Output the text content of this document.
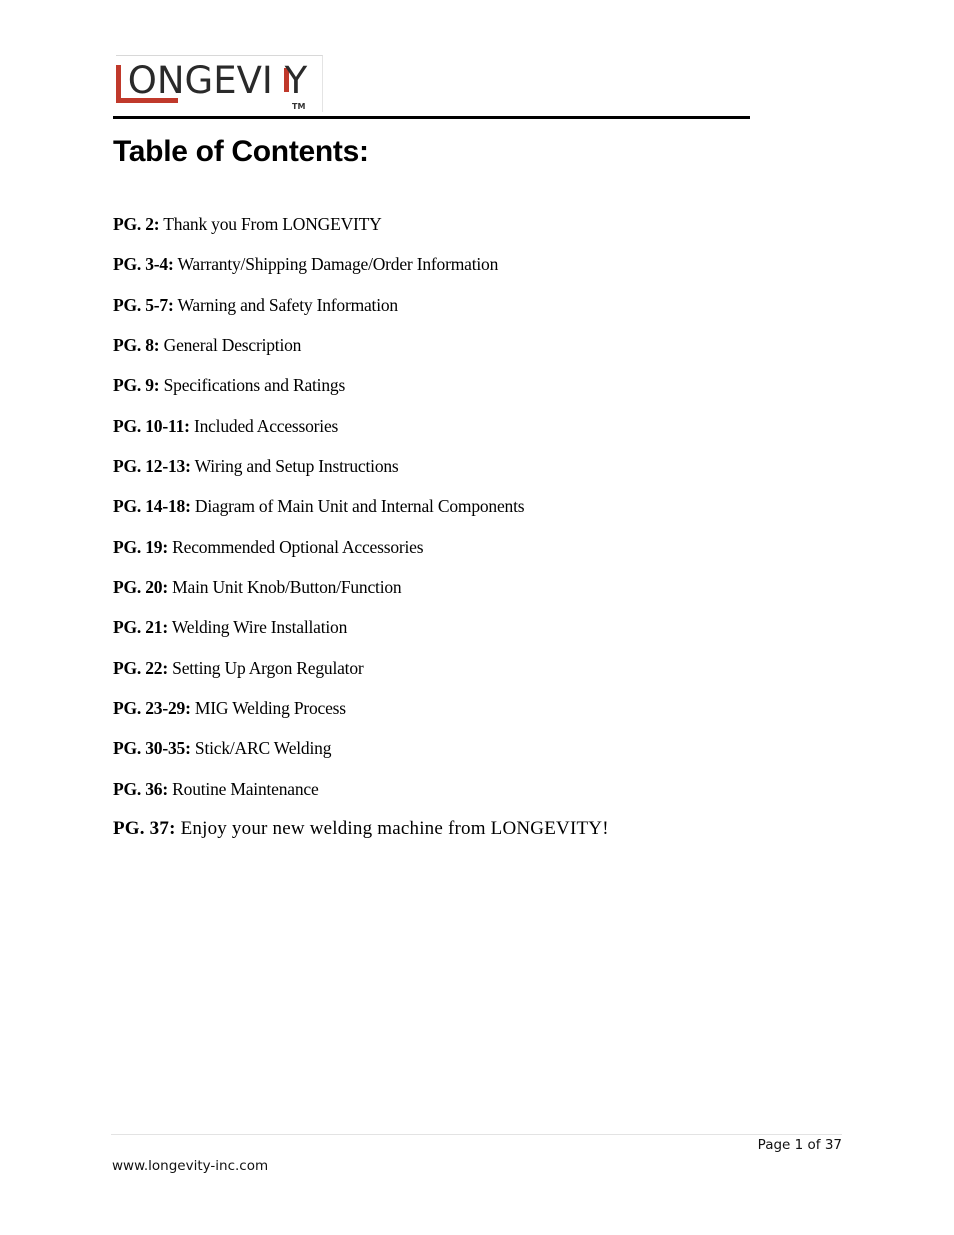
ONGEVI Y
TM
Table of Contents:
PG. 2: Thank you From LONGEVITY
PG. 3-4: Warranty/Shipping Damage/Order Information
PG. 5-7: Warning and Safety Information
PG. 8: General Description
PG. 9: Specifications and Ratings
PG. 10-11: Included Accessories
PG. 12-13: Wiring and Setup Instructions
PG. 14-18: Diagram of Main Unit and Internal Components
PG. 19: Recommended Optional Accessories
PG. 20: Main Unit Knob/Button/Function
PG. 21: Welding Wire Installation
PG. 22: Setting Up Argon Regulator
PG. 23-29: MIG Welding Process
PG. 30-35: Stick/ARC Welding
PG. 36: Routine Maintenance
PG. 37: Enjoy your new welding machine from LONGEVITY!
Page 1 of 37
www.longevity-inc.com
